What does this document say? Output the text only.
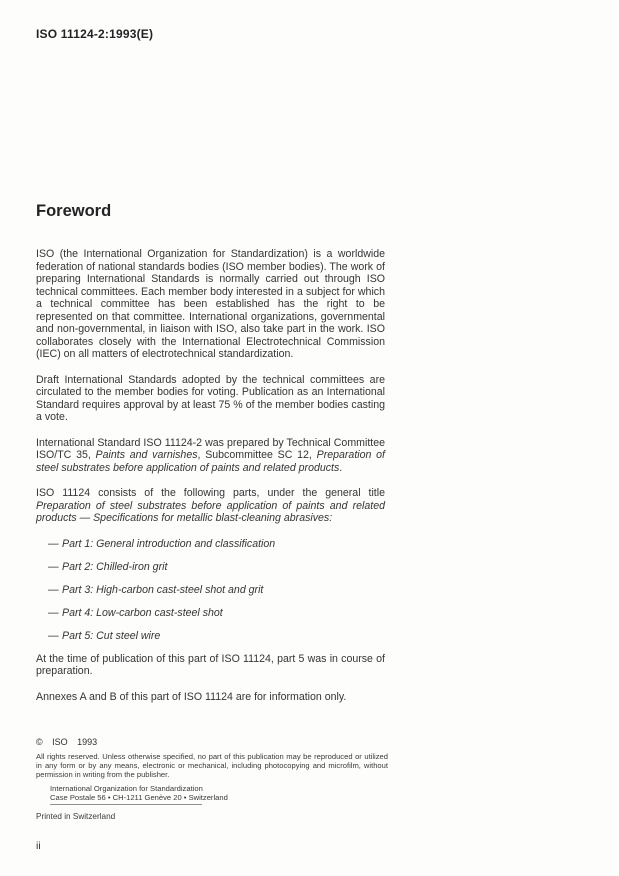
ISO 11124-2:1993(E)
Foreword

ISO (the International Organization for Standardization) is a worldwide federation of national standards bodies (ISO member bodies). The work of preparing International Standards is normally carried out through ISO technical committees. Each member body interested in a subject for which a technical committee has been established has the right to be represented on that committee. International organizations, governmental and non-governmental, in liaison with ISO, also take part in the work. ISO collaborates closely with the International Electrotechnical Commission (IEC) on all matters of electrotechnical standardization.

Draft International Standards adopted by the technical committees are circulated to the member bodies for voting. Publication as an International Standard requires approval by at least 75 % of the member bodies casting a vote.

International Standard ISO 11124-2 was prepared by Technical Committee ISO/TC 35, Paints and varnishes, Subcommittee SC 12, Preparation of steel substrates before application of paints and related products.

ISO 11124 consists of the following parts, under the general title Preparation of steel substrates before application of paints and related products — Specifications for metallic blast-cleaning abrasives:

— Part 1: General introduction and classification
— Part 2: Chilled-iron grit
— Part 3: High-carbon cast-steel shot and grit
— Part 4: Low-carbon cast-steel shot
— Part 5: Cut steel wire

At the time of publication of this part of ISO 11124, part 5 was in course of preparation.

Annexes A and B of this part of ISO 11124 are for information only.

© ISO 1993
All rights reserved. Unless otherwise specified, no part of this publication may be reproduced or utilized in any form or by any means, electronic or mechanical, including photocopying and microfilm, without permission in writing from the publisher.
International Organization for Standardization
Case Postale 56 • CH-1211 Genève 20 • Switzerland
Printed in Switzerland
ii
